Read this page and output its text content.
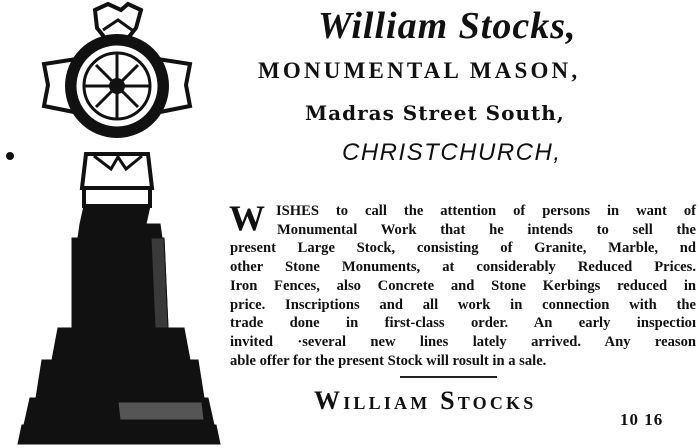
William Stocks,
MONUMENTAL MASON,
Madras Street South,
CHRISTCHURCH,
W ISHES to call the attention of persons in want of
Monumental Work that he intends to sell the
present Large Stock, consisting of Granite, Marble, nd
other Stone Monuments, at considerably Reduced Prices.
Iron Fences, also Concrete and Stone Kerbings reduced in
price. Inscriptions and all work in connection with the
trade done in first-class order. An early inspectioı
invited ·several new lines lately arrived. Any reason
able offer for the present Stock will rosult in a sale.
William Stocks
10 16
